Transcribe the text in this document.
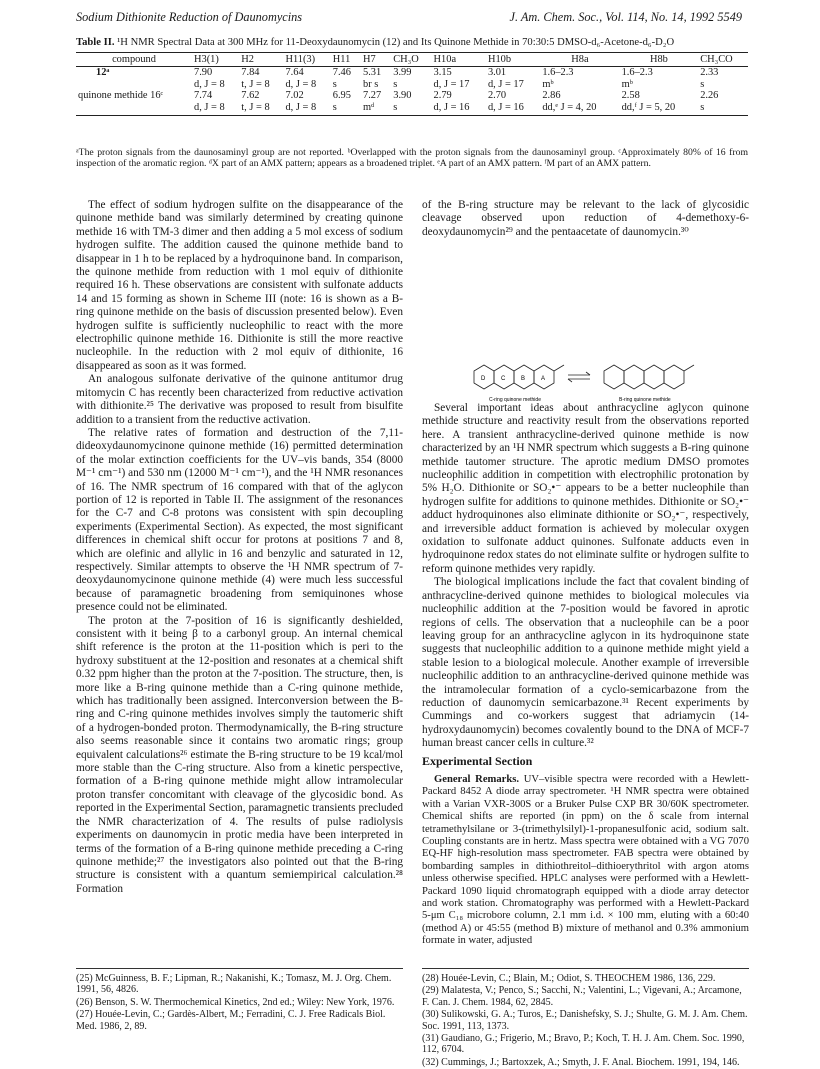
Sodium Dithionite Reduction of Daunomycins	J. Am. Chem. Soc., Vol. 114, No. 14, 1992 5549
Table II. ¹H NMR Spectral Data at 300 MHz for 11-Deoxydaunomycin (12) and Its Quinone Methide in 70:30:5 DMSO-d₆-Acetone-d₆-D₂O
compound	H3(1)	H2	H11(3)	H11	H7	CH₃O	H10a	H10b	H8a	H8b	CH₃CO
12ᵃ	7.90	7.84	7.64	7.46	5.31	3.99	3.15	3.01	1.6–2.3	1.6–2.3	2.33
	d, J = 8	t, J = 8	d, J = 8	s	br s	s	d, J = 17	d, J = 17	mᵇ	mᵇ	s
quinone methide 16ᶜ	7.74	7.62	7.02	6.95	7.27	3.90	2.79	2.70	2.86	2.58	2.26
	d, J = 8	t, J = 8	d, J = 8	s	mᵈ	s	d, J = 16	d, J = 16	dd,ᵉ J = 4, 20	dd,ᶠ J = 5, 20	s
ᵃThe proton signals from the daunosaminyl group are not reported. ᵇOverlapped with the proton signals from the daunosaminyl group. ᶜApproximately 80% of 16 from inspection of the aromatic region. ᵈX part of an AMX pattern; appears as a broadened triplet. ᵉA part of an AMX pattern. ᶠM part of an AMX pattern.

The effect of sodium hydrogen sulfite on the disappearance of the quinone methide band was similarly determined by creating quinone methide 16 with TM-3 dimer and then adding a 5 mol excess of sodium hydrogen sulfite. The addition caused the quinone methide band to disappear in 1 h to be replaced by a hydroquinone band. In comparison, the quinone methide from reduction with 1 mol equiv of dithionite required 16 h. These observations are consistent with sulfonate adducts 14 and 15 forming as shown in Scheme III (note: 16 is shown as a B-ring quinone methide on the basis of discussion presented below). Even hydrogen sulfite is sufficiently nucleophilic to react with the more electrophilic quinone methide 16. Dithionite is still the more reactive nucleophile. In the reduction with 2 mol equiv of dithionite, 16 disappeared as soon as it was formed.

An analogous sulfonate derivative of the quinone antitumor drug mitomycin C has recently been characterized from reductive activation with dithionite.²⁵ The derivative was proposed to result from bisulfite addition to a transient from the reductive activation.

The relative rates of formation and destruction of the 7,11-dideoxydaunomycinone quinone methide (16) permitted determination of the molar extinction coefficients for the UV–vis bands, 354 (8000 M⁻¹ cm⁻¹) and 530 nm (12000 M⁻¹ cm⁻¹), and the ¹H NMR resonances of 16. The NMR spectrum of 16 compared with that of the aglycon portion of 12 is reported in Table II. The assignment of the resonances for the C-7 and C-8 protons was consistent with spin decoupling experiments (Experimental Section). As expected, the most significant differences in chemical shift occur for protons at positions 7 and 8, which are olefinic and allylic in 16 and benzylic and saturated in 12, respectively. Similar attempts to observe the ¹H NMR spectrum of 7-deoxydaunomycinone quinone methide (4) were much less successful because of paramagnetic broadening from semiquinones whose presence could not be eliminated.

The proton at the 7-position of 16 is significantly deshielded, consistent with it being β to a carbonyl group. An internal chemical shift reference is the proton at the 11-position which is peri to the hydroxy substituent at the 12-position and resonates at a chemical shift 0.32 ppm higher than the proton at the 7-position. The structure, then, is more like a B-ring quinone methide than a C-ring quinone methide, which has traditionally been assigned. Interconversion between the B-ring and C-ring quinone methides involves simply the tautomeric shift of a hydrogen-bonded proton. Thermodynamically, the B-ring structure also seems reasonable since it contains two aromatic rings; group equivalent calculations²⁶ estimate the B-ring structure to be 19 kcal/mol more stable than the C-ring structure. Also from a kinetic perspective, formation of a B-ring quinone methide might allow intramolecular proton transfer concomitant with cleavage of the glycosidic bond. As reported in the Experimental Section, paramagnetic transients precluded the NMR characterization of 4. The results of pulse radiolysis experiments on daunomycin in protic media have been interpreted in terms of the formation of a B-ring quinone methide preceding a C-ring quinone methide;²⁷ the investigators also pointed out that the B-ring structure is consistent with a quantum semiempirical calculation.²⁸ Formation

of the B-ring structure may be relevant to the lack of glycosidic cleavage observed upon reduction of 4-demethoxy-6-deoxydaunomycin²⁹ and the pentaacetate of daunomycin.³⁰

D	C	B	A
C-ring quinone methide	B-ring quinone methide

Several important ideas about anthracycline aglycon quinone methide structure and reactivity result from the observations reported here. A transient anthracycline-derived quinone methide is now characterized by an ¹H NMR spectrum which suggests a B-ring quinone methide tautomer structure. The aprotic medium DMSO promotes nucleophilic addition in competition with electrophilic protonation by 5% H₂O. Dithionite or SO₂•⁻ appears to be a better nucleophile than hydrogen sulfite for additions to quinone methides. Dithionite or SO₂•⁻ adduct hydroquinones also eliminate dithionite or SO₂•⁻, respectively, and irreversible adduct formation is achieved by molecular oxygen oxidation to sulfonate adduct quinones. Sulfonate adducts even in hydroquinone redox states do not eliminate sulfite or hydrogen sulfite to reform quinone methides very rapidly.

The biological implications include the fact that covalent binding of anthracycline-derived quinone methides to biological molecules via nucleophilic addition at the 7-position would be favored in aprotic regions of cells. The observation that a nucleophile can be a poor leaving group for an anthracycline aglycon in its hydroquinone state suggests that nucleophilic addition to a quinone methide might yield a stable lesion to a biological molecule. Another example of irreversible nucleophilic addition to an anthracycline-derived quinone methide was the intramolecular formation of a cyclo-semicarbazone from the reduction of daunomycin semicarbazone.³¹ Recent experiments by Cummings and co-workers suggest that adriamycin (14-hydroxydaunomycin) becomes covalently bound to the DNA of MCF-7 human breast cancer cells in culture.³²

Experimental Section

General Remarks. UV–visible spectra were recorded with a Hewlett-Packard 8452 A diode array spectrometer. ¹H NMR spectra were obtained with a Varian VXR-300S or a Bruker Pulse CXP BR 30/60K spectrometer. Chemical shifts are reported (in ppm) on the δ scale from internal tetramethylsilane or 3-(trimethylsilyl)-1-propanesulfonic acid, sodium salt. Coupling constants are in hertz. Mass spectra were obtained with a VG 7070 EQ-HF high-resolution mass spectrometer. FAB spectra were obtained by bombarding samples in dithiothreitol–dithioerythritol with argon atoms unless otherwise specified. HPLC analyses were performed with a Hewlett-Packard 1090 liquid chromatograph equipped with a diode array detector and work station. Chromatography was performed with a Hewlett-Packard 5-μm C₁₈ microbore column, 2.1 mm i.d. × 100 mm, eluting with a 60:40 (method A) or 45:55 (method B) mixture of methanol and 0.3% ammonium formate in water, adjusted

(25) McGuinness, B. F.; Lipman, R.; Nakanishi, K.; Tomasz, M. J. Org. Chem. 1991, 56, 4826.

(26) Benson, S. W. Thermochemical Kinetics, 2nd ed.; Wiley: New York, 1976.

(27) Houée-Levin, C.; Gardès-Albert, M.; Ferradini, C. J. Free Radicals Biol. Med. 1986, 2, 89.

(28) Houée-Levin, C.; Blain, M.; Odiot, S. THEOCHEM 1986, 136, 229.

(29) Malatesta, V.; Penco, S.; Sacchi, N.; Valentini, L.; Vigevani, A.; Arcamone, F. Can. J. Chem. 1984, 62, 2845.

(30) Sulikowski, G. A.; Turos, E.; Danishefsky, S. J.; Shulte, G. M. J. Am. Chem. Soc. 1991, 113, 1373.

(31) Gaudiano, G.; Frigerio, M.; Bravo, P.; Koch, T. H. J. Am. Chem. Soc. 1990, 112, 6704.

(32) Cummings, J.; Bartoxzek, A.; Smyth, J. F. Anal. Biochem. 1991, 194, 146.
